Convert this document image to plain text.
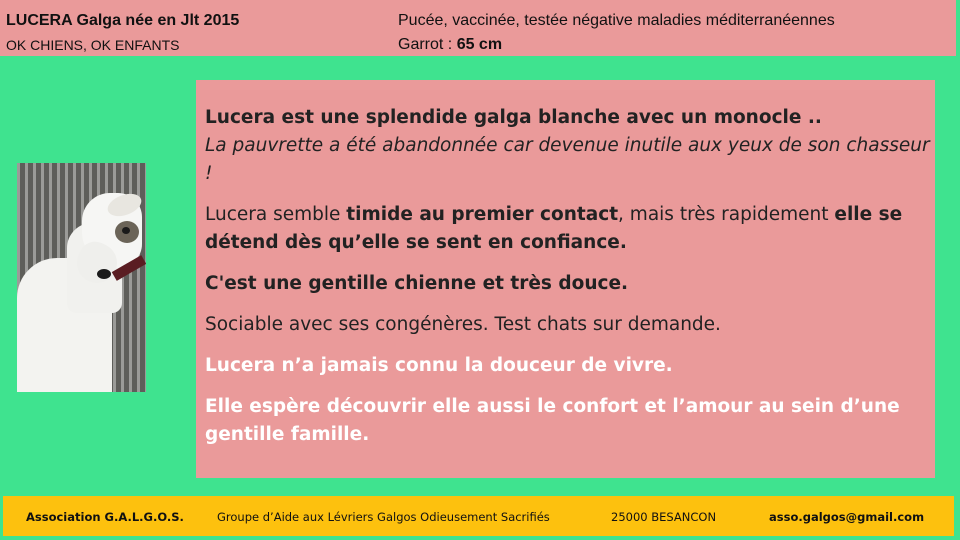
LUCERA Galga née en Jlt 2015
OK CHIENS, OK ENFANTS
Pucée, vaccinée, testée négative maladies méditerranéennes
Garrot : 65 cm

Lucera est une splendide galga blanche avec un monocle ..
La pauvrette a été abandonnée car devenue inutile aux yeux de son chasseur !

Lucera semble timide au premier contact, mais très rapidement elle se détend dès qu’elle se sent en confiance.

C'est une gentille chienne et très douce.

Sociable avec ses congénères. Test chats sur demande.

Lucera n’a jamais connu la douceur de vivre.

Elle espère découvrir elle aussi le confort et l’amour au sein d’une gentille famille.

Association G.A.L.G.O.S.	Groupe d’Aide aux Lévriers Galgos Odieusement Sacrifiés	25000 BESANCON	asso.galgos@gmail.com
